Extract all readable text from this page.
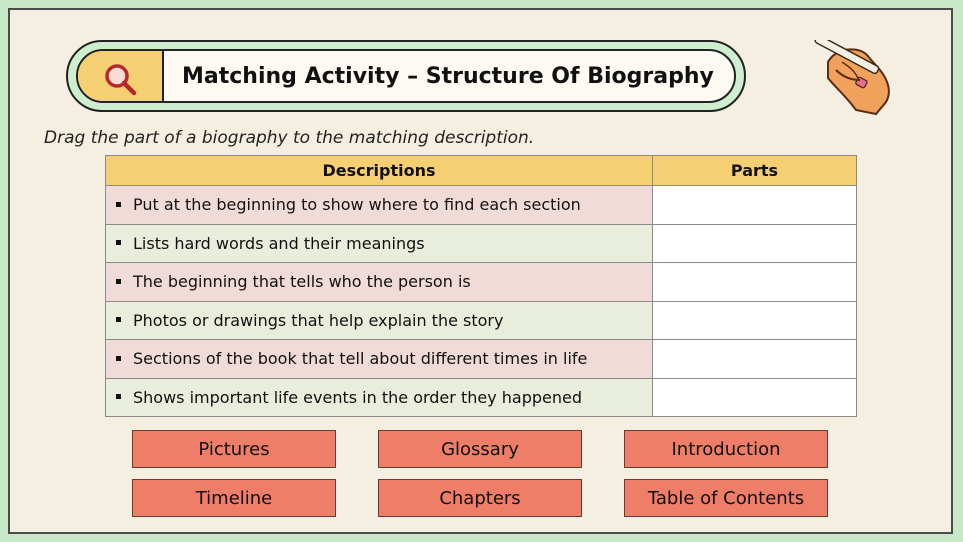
Matching Activity – Structure Of Biography
Drag the part of a biography to the matching description.
Descriptions	Parts
Put at the beginning to show where to find each section	
Lists hard words and their meanings	
The beginning that tells who the person is	
Photos or drawings that help explain the story	
Sections of the book that tell about different times in life	
Shows important life events in the order they happened	
Pictures	Glossary	Introduction
Timeline	Chapters	Table of Contents
